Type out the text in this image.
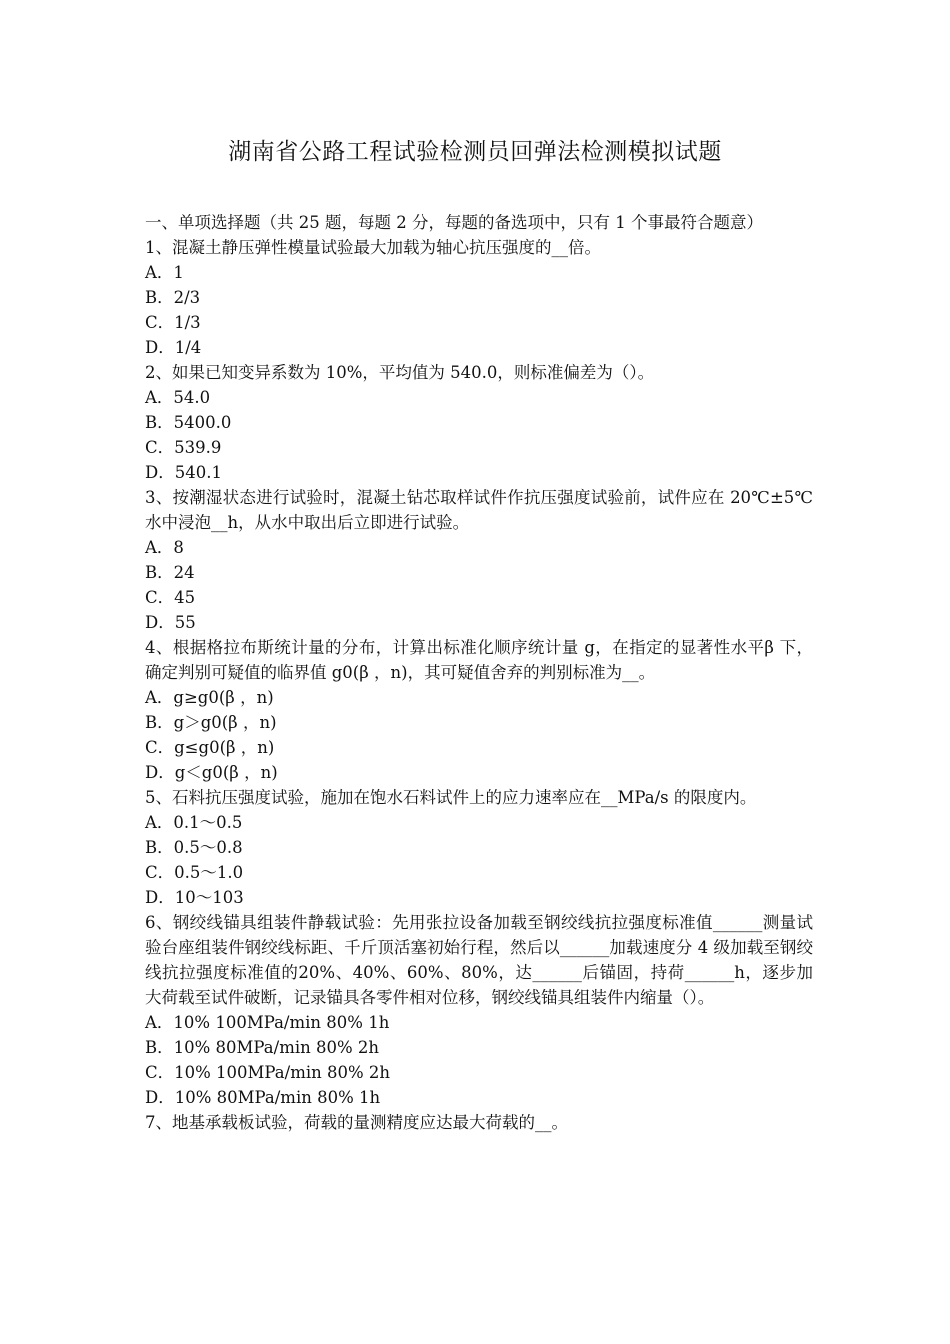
湖南省公路工程试验检测员回弹法检测模拟试题
一、单项选择题（共 25 题，每题 2 分，每题的备选项中，只有 1 个事最符合题意）
1、混凝土静压弹性模量试验最大加载为轴心抗压强度的__倍。
A．1
B．2/3
C．1/3
D．1/4
2、如果已知变异系数为 10%，平均值为 540.0，则标准偏差为（）。
A．54.0
B．5400.0
C．539.9
D．540.1
3、按潮湿状态进行试验时，混凝土钻芯取样试件作抗压强度试验前，试件应在 20℃±5℃水中浸泡__h，从水中取出后立即进行试验。
A．8
B．24
C．45
D．55
4、根据格拉布斯统计量的分布，计算出标准化顺序统计量 g，在指定的显著性水平β 下，确定判别可疑值的临界值 g0(β ，n)，其可疑值舍弃的判别标准为__。
A．g≥g0(β ，n)
B．g＞g0(β ，n)
C．g≤g0(β ，n)
D．g＜g0(β ，n)
5、石料抗压强度试验，施加在饱水石料试件上的应力速率应在__MPa/s 的限度内。
A．0.1～0.5
B．0.5～0.8
C．0.5～1.0
D．10～103
6、钢绞线锚具组装件静载试验：先用张拉设备加载至钢绞线抗拉强度标准值______测量试验台座组装件钢绞线标距、千斤顶活塞初始行程，然后以______加载速度分 4 级加载至钢绞线抗拉强度标准值的20%、40%、60%、80%，达______后锚固，持荷______h，逐步加大荷载至试件破断，记录锚具各零件相对位移，钢绞线锚具组装件内缩量（）。
A．10% 100MPa/min 80% 1h
B．10% 80MPa/min 80% 2h
C．10% 100MPa/min 80% 2h
D．10% 80MPa/min 80% 1h
7、地基承载板试验，荷载的量测精度应达最大荷载的__。
